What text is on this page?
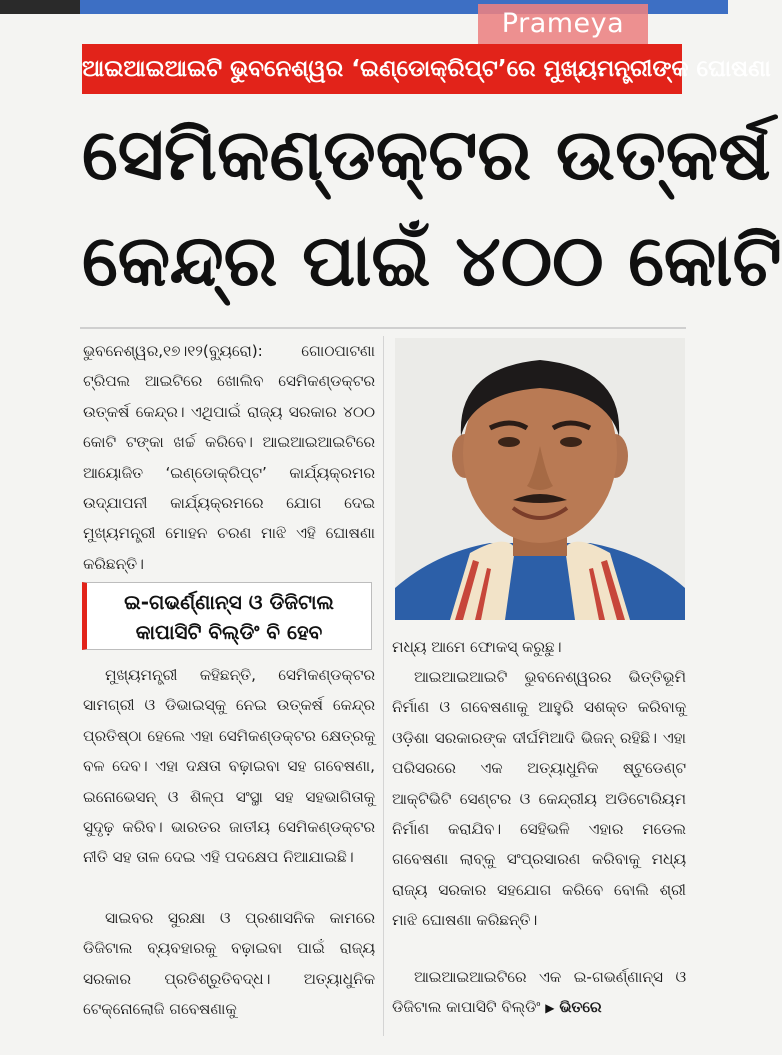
Prameya
ଆଇଆଇଆଇଟି ଭୁବନେଶ୍ୱର ‘ଇଣ୍ଡୋକ୍ରିପ୍ଟ’ରେ ମୁଖ୍ୟମନ୍ତ୍ରୀଙ୍କ ଘୋଷଣା
ସେମିକଣ୍ଡକ୍ଟର ଉତ୍କର୍ଷ
କେନ୍ଦ୍ର ପାଇଁ ୪୦୦ କୋଟି

ଭୁବନେଶ୍ୱର,୧୭।୧୨(ବ୍ୟୁରୋ): ଗୋଠପାଟଣା ଟ୍ରିପଲ ଆଇଟିରେ ଖୋଲିବ ସେମିକଣ୍ଡକ୍ଟର ଉତ୍କର୍ଷ କେନ୍ଦ୍ର। ଏଥିପାଇଁ ରାଜ୍ୟ ସରକାର ୪୦୦ କୋଟି ଟଙ୍କା ଖର୍ଚ୍ଚ କରିବେ। ଆଇଆଇଆଇଟିରେ ଆୟୋଜିତ ‘ଇଣ୍ଡୋକ୍ରିପ୍ଟ’ କାର୍ଯ୍ୟକ୍ରମର ଉଦ୍‌ଯାପନୀ କାର୍ଯ୍ୟକ୍ରମରେ ଯୋଗ ଦେଇ ମୁଖ୍ୟମନ୍ତ୍ରୀ ମୋହନ ଚରଣ ମାଝି ଏହି ଘୋଷଣା କରିଛନ୍ତି।

ଇ-ଗଭର୍ଣ୍ଣାନ୍ସ ଓ ଡିଜିଟାଲ
କାପାସିଟି ବିଲ୍ଡିଂ ବି ହେବ

ମୁଖ୍ୟମନ୍ତ୍ରୀ କହିଛନ୍ତି, ସେମିକଣ୍ଡକ୍ଟର ସାମଗ୍ରୀ ଓ ଡିଭାଇସ୍‌କୁ ନେଇ ଉତ୍କର୍ଷ କେନ୍ଦ୍ର ପ୍ରତିଷ୍ଠା ହେଲେ ଏହା ସେମିକଣ୍ଡକ୍ଟର କ୍ଷେତ୍ରକୁ ବଳ ଦେବ। ଏହା ଦକ୍ଷତା ବଢ଼ାଇବା ସହ ଗବେଷଣା, ଇନୋଭେସନ୍ ଓ ଶିଳ୍ପ ସଂସ୍ଥା ସହ ସହଭାଗିତାକୁ ସୁଦୃଢ଼ କରିବ। ଭାରତର ଜାତୀୟ ସେମିକଣ୍ଡକ୍ଟର ନୀତି ସହ ତାଳ ଦେଇ ଏହି ପଦକ୍ଷେପ ନିଆଯାଇଛି।

ସାଇବର ସୁରକ୍ଷା ଓ ପ୍ରଶାସନିକ କାମରେ ଡିଜିଟାଲ ବ୍ୟବହାରକୁ ବଢ଼ାଇବା ପାଇଁ ରାଜ୍ୟ ସରକାର ପ୍ରତିଶ୍ରୁତିବଦ୍ଧ। ଅତ୍ୟାଧୁନିକ ଟେକ୍ନୋଲୋଜି ଗବେଷଣାକୁ

ମଧ୍ୟ ଆମେ ଫୋକସ୍ କରୁଛୁ।

ଆଇଆଇଆଇଟି ଭୁବନେଶ୍ୱରର ଭିତ୍ତିଭୂମି ନିର୍ମାଣ ଓ ଗବେଷଣାକୁ ଆହୁରି ସଶକ୍ତ କରିବାକୁ ଓଡ଼ିଶା ସରକାରଙ୍କ ଦୀର୍ଘମିଆଦି ଭିଜନ୍ ରହିଛି। ଏହା ପରିସରରେ ଏକ ଅତ୍ୟାଧୁନିକ ଷ୍ଟୁଡେଣ୍ଟ ଆକ୍ଟିଭିଟି ସେଣ୍ଟର ଓ କେନ୍ଦ୍ରୀୟ ଅଡିଟୋରିୟମ ନିର୍ମାଣ କରାଯିବ। ସେହିଭଳି ଏହାର ମଡେଲ ଗବେଷଣା ଲାବ୍‌କୁ ସଂପ୍ରସାରଣ କରିବାକୁ ମଧ୍ୟ ରାଜ୍ୟ ସରକାର ସହଯୋଗ କରିବେ ବୋଲି ଶ୍ରୀ ମାଝି ଘୋଷଣା କରିଛନ୍ତି।

ଆଇଆଇଆଇଟିରେ ଏକ ଇ-ଗଭର୍ଣ୍ଣାନ୍ସ ଓ ଡିଜିଟାଲ କାପାସିଟି ବିଲ୍ଡିଂ ▶ ଭିତରେ
